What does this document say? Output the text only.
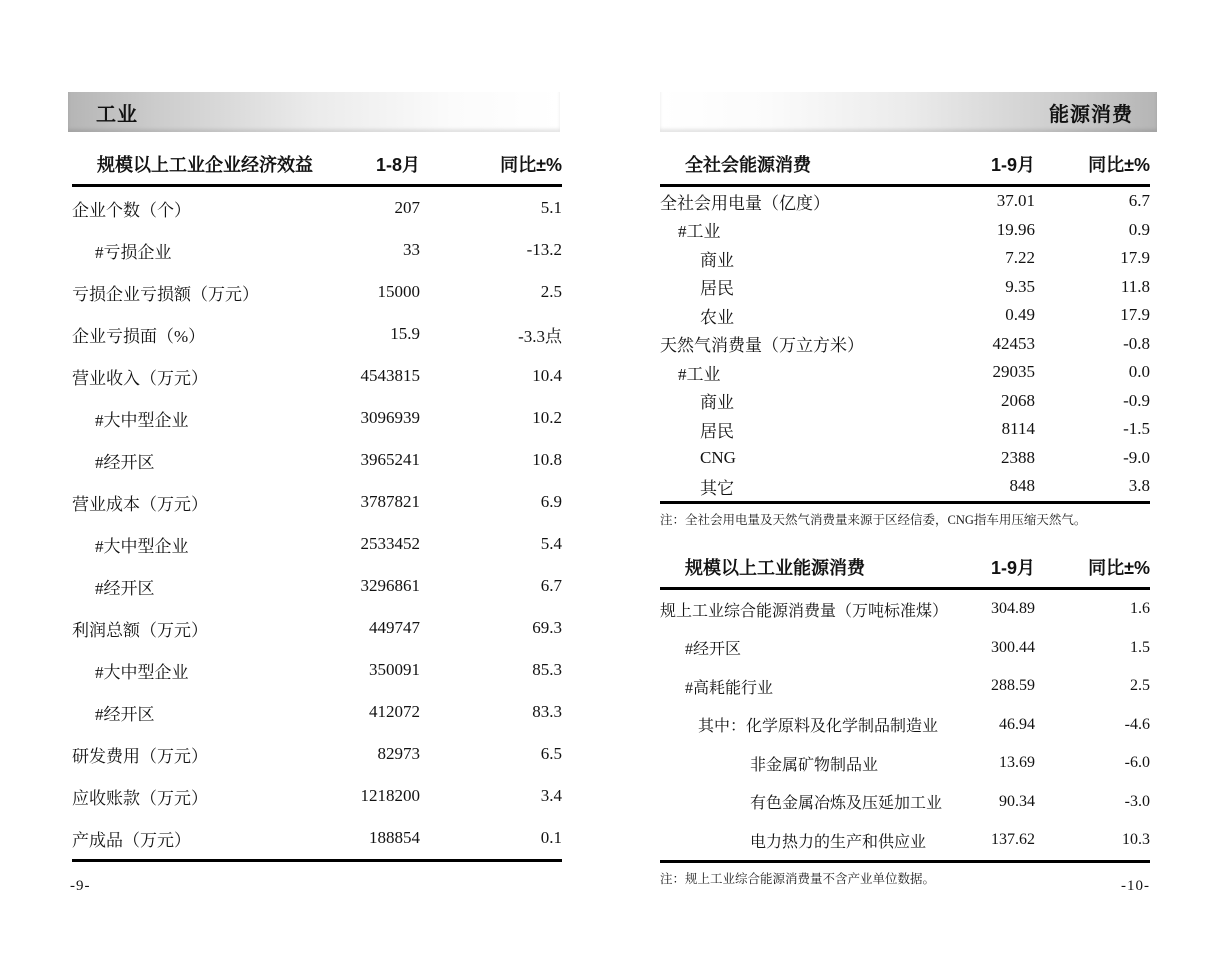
工业
规模以上工业企业经济效益	1-8月	同比±%
企业个数（个）	207	5.1
#亏损企业	33	-13.2
亏损企业亏损额（万元）	15000	2.5
企业亏损面（%）	15.9	-3.3点
营业收入（万元）	4543815	10.4
#大中型企业	3096939	10.2
#经开区	3965241	10.8
营业成本（万元）	3787821	6.9
#大中型企业	2533452	5.4
#经开区	3296861	6.7
利润总额（万元）	449747	69.3
#大中型企业	350091	85.3
#经开区	412072	83.3
研发费用（万元）	82973	6.5
应收账款（万元）	1218200	3.4
产成品（万元）	188854	0.1
-9-
能源消费
全社会能源消费	1-9月	同比±%
全社会用电量（亿度）	37.01	6.7
#工业	19.96	0.9
商业	7.22	17.9
居民	9.35	11.8
农业	0.49	17.9
天然气消费量（万立方米）	42453	-0.8
#工业	29035	0.0
商业	2068	-0.9
居民	8114	-1.5
CNG	2388	-9.0
其它	848	3.8
注：全社会用电量及天然气消费量来源于区经信委，CNG指车用压缩天然气。
规模以上工业能源消费	1-9月	同比±%
规上工业综合能源消费量（万吨标准煤）	304.89	1.6
#经开区	300.44	1.5
#高耗能行业	288.59	2.5
其中：化学原料及化学制品制造业	46.94	-4.6
非金属矿物制品业	13.69	-6.0
有色金属冶炼及压延加工业	90.34	-3.0
电力热力的生产和供应业	137.62	10.3
注：规上工业综合能源消费量不含产业单位数据。	-10-
